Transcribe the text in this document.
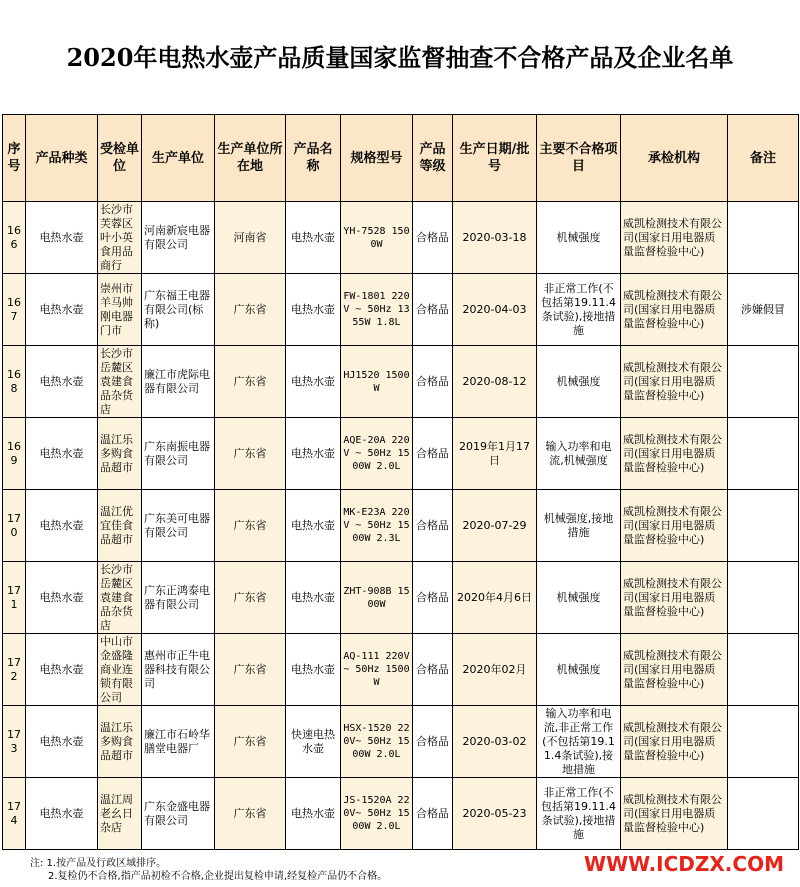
2020年电热水壶产品质量国家监督抽查不合格产品及企业名单
序号	产品种类	受检单位	生产单位	生产单位所在地	产品名称	规格型号	产品等级	生产日期/批号	主要不合格项目	承检机构	备注
166	电热水壶	长沙市芙蓉区叶小英食用品商行	河南新宸电器有限公司	河南省	电热水壶	YH-7528 1500W	合格品	2020-03-18	机械强度	威凯检测技术有限公司(国家日用电器质量监督检验中心)	
167	电热水壶	崇州市羊马帅刚电器门市	广东福王电器有限公司(标称)	广东省	电热水壶	FW-1801 220V ~ 50Hz 1355W 1.8L	合格品	2020-04-03	非正常工作(不包括第19.11.4条试验),接地措施	威凯检测技术有限公司(国家日用电器质量监督检验中心)	涉嫌假冒
168	电热水壶	长沙市岳麓区袁建食品杂货店	廉江市虎际电器有限公司	广东省	电热水壶	HJ1520 1500W	合格品	2020-08-12	机械强度	威凯检测技术有限公司(国家日用电器质量监督检验中心)	
169	电热水壶	温江乐多购食品超市	广东南振电器有限公司	广东省	电热水壶	AQE-20A 220V ~ 50Hz 1500W 2.0L	合格品	2019年1月17日	输入功率和电流,机械强度	威凯检测技术有限公司(国家日用电器质量监督检验中心)	
170	电热水壶	温江优宜佳食品超市	广东美可电器有限公司	广东省	电热水壶	MK-E23A 220V ~ 50Hz 1500W 2.3L	合格品	2020-07-29	机械强度,接地措施	威凯检测技术有限公司(国家日用电器质量监督检验中心)	
171	电热水壶	长沙市岳麓区袁建食品杂货店	广东正鸿泰电器有限公司	广东省	电热水壶	ZHT-908B 1500W	合格品	2020年4月6日	机械强度	威凯检测技术有限公司(国家日用电器质量监督检验中心)	
172	电热水壶	中山市金盛隆商业连锁有限公司	惠州市正牛电器科技有限公司	广东省	电热水壶	AQ-111 220V ~ 50Hz 1500W	合格品	2020年02月	机械强度	威凯检测技术有限公司(国家日用电器质量监督检验中心)	
173	电热水壶	温江乐多购食品超市	廉江市石岭华膳堂电器厂	广东省	快速电热水壶	HSX-1520 220V~ 50Hz 1500W 2.0L	合格品	2020-03-02	输入功率和电流,非正常工作(不包括第19.11.4条试验),接地措施	威凯检测技术有限公司(国家日用电器质量监督检验中心)	
174	电热水壶	温江周老幺日杂店	广东金盛电器有限公司	广东省	电热水壶	JS-1520A 220V~ 50Hz 1500W 2.0L	合格品	2020-05-23	非正常工作(不包括第19.11.4条试验),接地措施	威凯检测技术有限公司(国家日用电器质量监督检验中心)	
注: 1.按产品及行政区域排序。
2.复检仍不合格,指产品初检不合格,企业提出复检申请,经复检产品仍不合格。
WWW.ICDZX.COM
